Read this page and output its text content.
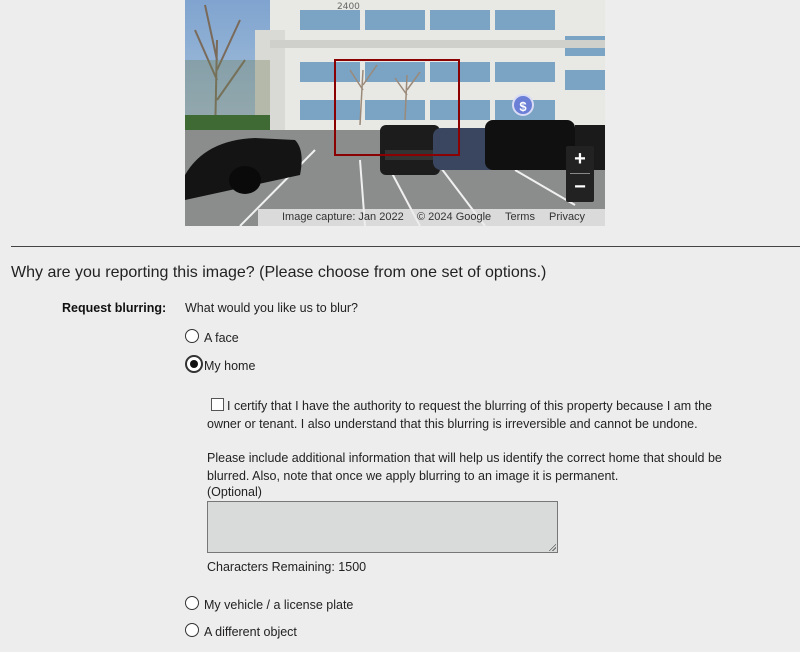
2400
$
+
−
Image capture: Jan 2022 © 2024 Google Terms Privacy
Why are you reporting this image? (Please choose from one set of options.)
Request blurring: What would you like us to blur?
A face
My home
I certify that I have the authority to request the blurring of this property because I am the owner or tenant. I also understand that this blurring is irreversible and cannot be undone.
Please include additional information that will help us identify the correct home that should be blurred. Also, note that once we apply blurring to an image it is permanent.
(Optional)
Characters Remaining: 1500
My vehicle / a license plate
A different object
